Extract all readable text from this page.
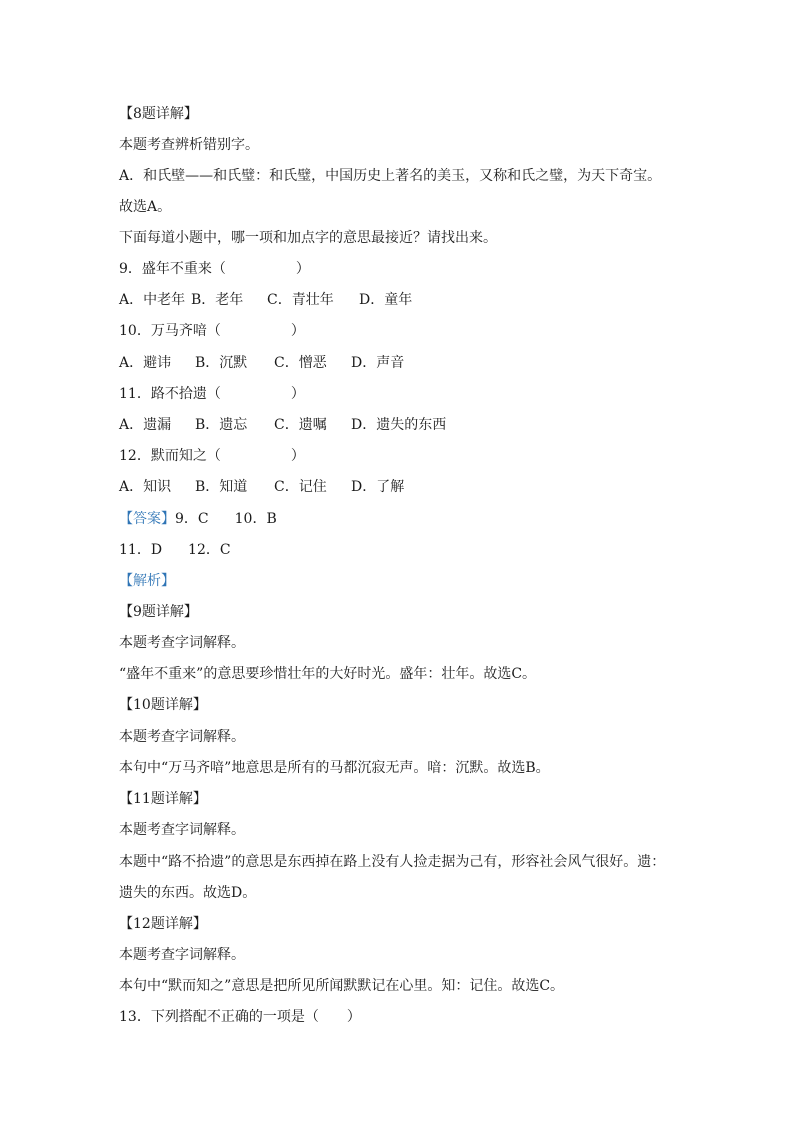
【8题详解】
本题考查辨析错别字。
A．和氏壁——和氏璧：和氏璧，中国历史上著名的美玉，又称和氏之璧，为天下奇宝。
故选A。
下面每道小题中，哪一项和加点字的意思最接近？请找出来。
9．盛年不重来（　　　　　）
A．中老年 B．老年 C．青壮年 D．童年
10．万马齐喑（　　　　　）
A．避讳 B．沉默 C．憎恶 D．声音
11．路不拾遗（　　　　　）
A．遗漏 B．遗忘 C．遗嘱 D．遗失的东西
12．默而知之（　　　　　）
A．知识 B．知道 C．记住 D．了解
【答案】9．C 10．B
11．D 12．C
【解析】
【9题详解】
本题考查字词解释。
“盛年不重来”的意思要珍惜壮年的大好时光。盛年：壮年。故选C。
【10题详解】
本题考查字词解释。
本句中“万马齐喑”地意思是所有的马都沉寂无声。喑：沉默。故选B。
【11题详解】
本题考查字词解释。
本题中“路不拾遗”的意思是东西掉在路上没有人捡走据为己有，形容社会风气很好。遗：
遗失的东西。故选D。
【12题详解】
本题考查字词解释。
本句中“默而知之”意思是把所见所闻默默记在心里。知：记住。故选C。
13．下列搭配不正确的一项是（　　）
